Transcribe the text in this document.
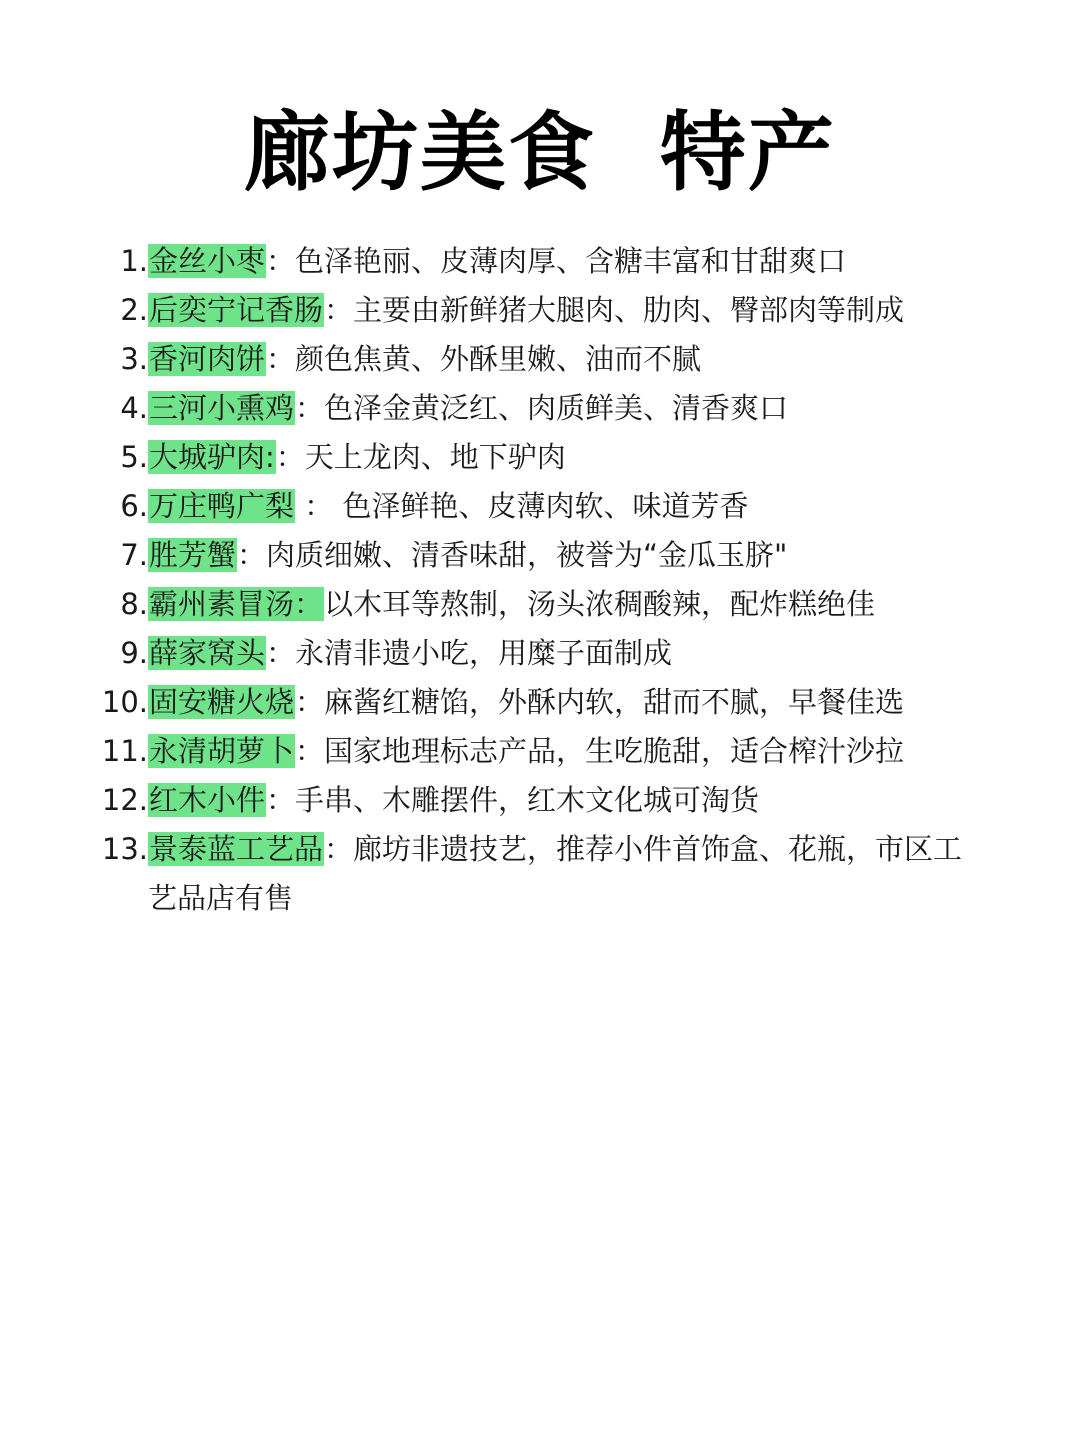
廊坊美食  特产
1. 金丝小枣：色泽艳丽、皮薄肉厚、含糖丰富和甘甜爽口
2. 后奕宁记香肠：主要由新鲜猪大腿肉、肋肉、臀部肉等制成
3. 香河肉饼：颜色焦黄、外酥里嫩、油而不腻
4. 三河小熏鸡：色泽金黄泛红、肉质鲜美、清香爽口
5. 大城驴肉:：天上龙肉、地下驴肉
6. 万庄鸭广梨 ： 色泽鲜艳、皮薄肉软、味道芳香
7. 胜芳蟹：肉质细嫩、清香味甜，被誉为“金瓜玉脐"
8. 霸州素冒汤：以木耳等熬制，汤头浓稠酸辣，配炸糕绝佳
9. 薛家窝头：永清非遗小吃，用糜子面制成
10. 固安糖火烧：麻酱红糖馅，外酥内软，甜而不腻，早餐佳选
11. 永清胡萝卜：国家地理标志产品，生吃脆甜，适合榨汁沙拉
12. 红木小件：手串、木雕摆件，红木文化城可淘货
13. 景泰蓝工艺品：廊坊非遗技艺，推荐小件首饰盒、花瓶，市区工艺品店有售
